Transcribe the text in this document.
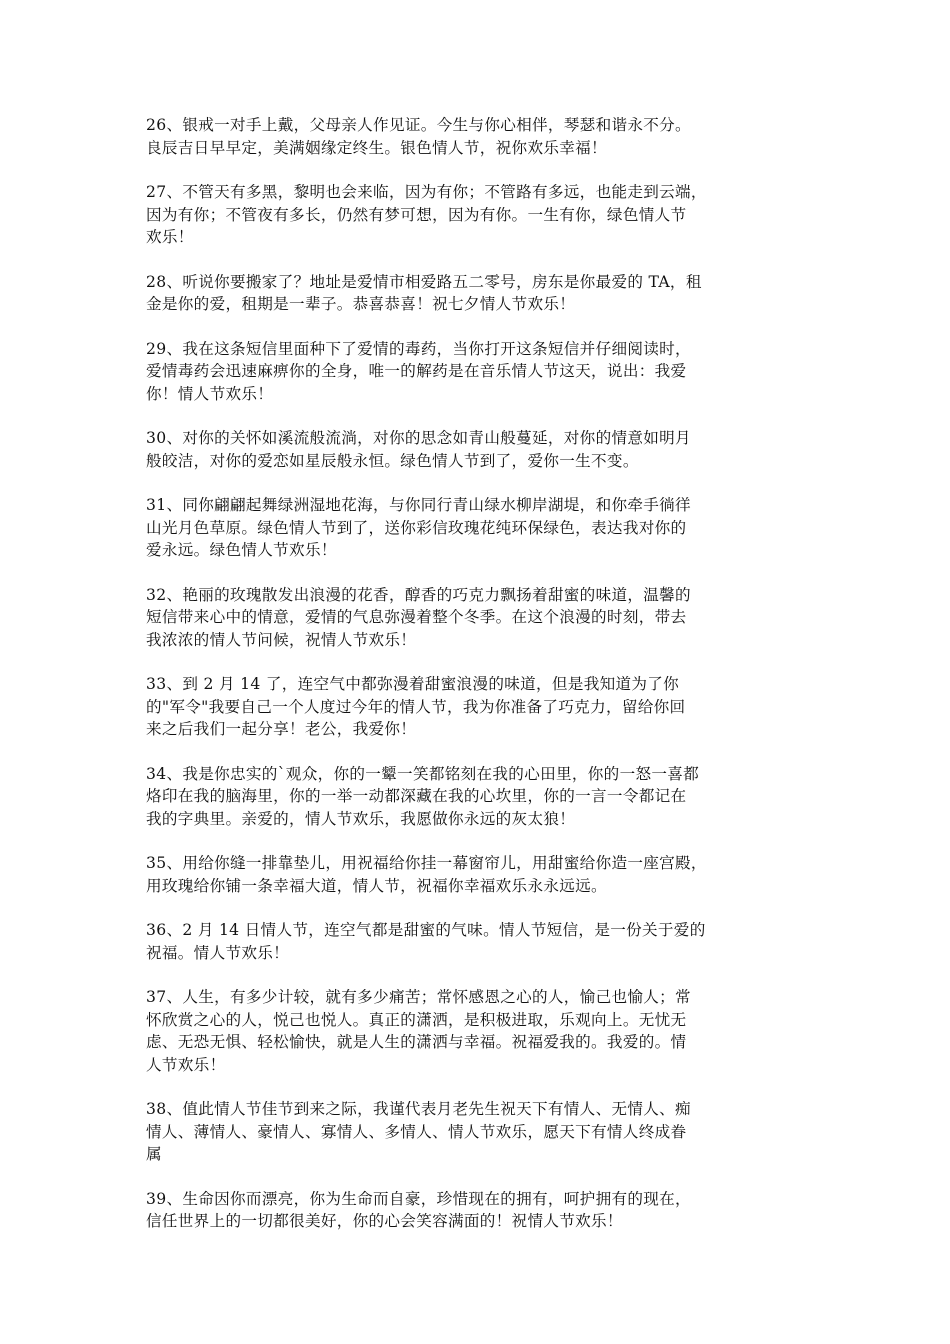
26、银戒一对手上戴，父母亲人作见证。今生与你心相伴，琴瑟和谐永不分。
良辰吉日早早定，美满姻缘定终生。银色情人节，祝你欢乐幸福！

27、不管天有多黑，黎明也会来临，因为有你；不管路有多远，也能走到云端，
因为有你；不管夜有多长，仍然有梦可想，因为有你。一生有你，绿色情人节
欢乐！

28、听说你要搬家了？地址是爱情市相爱路五二零号，房东是你最爱的 TA，租
金是你的爱，租期是一辈子。恭喜恭喜！祝七夕情人节欢乐！

29、我在这条短信里面种下了爱情的毒药，当你打开这条短信并仔细阅读时，
爱情毒药会迅速麻痹你的全身，唯一的解药是在音乐情人节这天，说出：我爱
你！情人节欢乐！

30、对你的关怀如溪流般流淌，对你的思念如青山般蔓延，对你的情意如明月
般皎洁，对你的爱恋如星辰般永恒。绿色情人节到了，爱你一生不变。

31、同你翩翩起舞绿洲湿地花海，与你同行青山绿水柳岸湖堤，和你牵手徜徉
山光月色草原。绿色情人节到了，送你彩信玫瑰花纯环保绿色，表达我对你的
爱永远。绿色情人节欢乐！

32、艳丽的玫瑰散发出浪漫的花香，醇香的巧克力飘扬着甜蜜的味道，温馨的
短信带来心中的情意，爱情的气息弥漫着整个冬季。在这个浪漫的时刻，带去
我浓浓的情人节问候，祝情人节欢乐！

33、到 2 月 14 了，连空气中都弥漫着甜蜜浪漫的味道，但是我知道为了你
的"军令"我要自己一个人度过今年的情人节，我为你准备了巧克力，留给你回
来之后我们一起分享！老公，我爱你！

34、我是你忠实的`观众，你的一颦一笑都铭刻在我的心田里，你的一怒一喜都
烙印在我的脑海里，你的一举一动都深藏在我的心坎里，你的一言一令都记在
我的字典里。亲爱的，情人节欢乐，我愿做你永远的灰太狼！

35、用给你缝一排靠垫儿，用祝福给你挂一幕窗帘儿，用甜蜜给你造一座宫殿，
用玫瑰给你铺一条幸福大道，情人节，祝福你幸福欢乐永永远远。

36、2 月 14 日情人节，连空气都是甜蜜的气味。情人节短信，是一份关于爱的
祝福。情人节欢乐！

37、人生，有多少计较，就有多少痛苦；常怀感恩之心的人，愉己也愉人；常
怀欣赏之心的人，悦己也悦人。真正的潇洒，是积极进取，乐观向上。无忧无
虑、无恐无惧、轻松愉快，就是人生的潇洒与幸福。祝福爱我的。我爱的。情
人节欢乐！

38、值此情人节佳节到来之际，我谨代表月老先生祝天下有情人、无情人、痴
情人、薄情人、豪情人、寡情人、多情人、情人节欢乐，愿天下有情人终成眷
属

39、生命因你而漂亮，你为生命而自豪，珍惜现在的拥有，呵护拥有的现在，
信任世界上的一切都很美好，你的心会笑容满面的！祝情人节欢乐！
